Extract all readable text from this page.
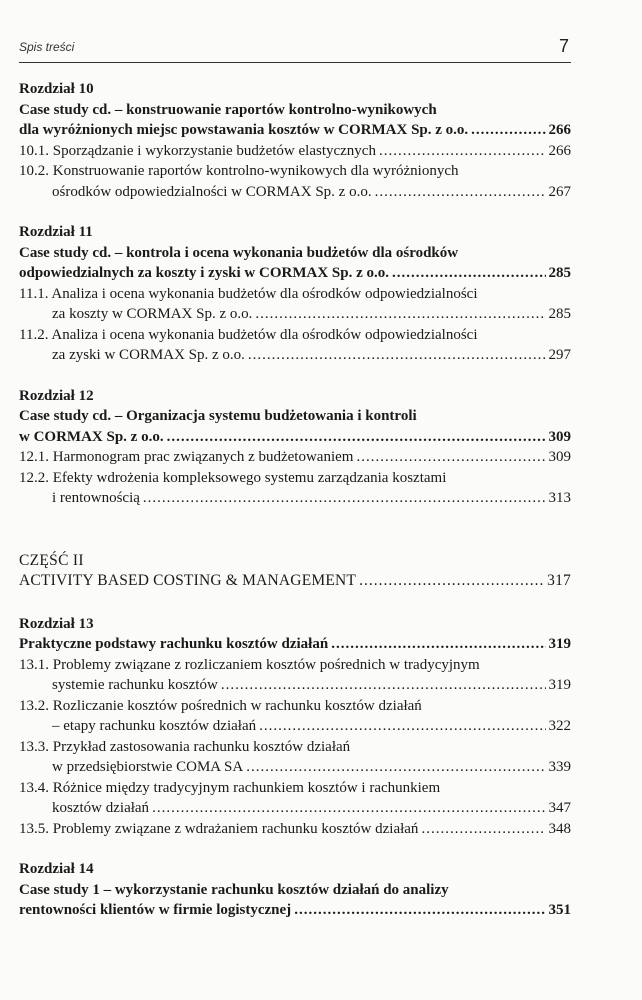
Spis treści	7
Rozdział 10
Case study cd. – konstruowanie raportów kontrolno-wynikowych
dla wyróżnionych miejsc powstawania kosztów w CORMAX Sp. z o.o. .....	266
10.1. Sporządzanie i wykorzystanie budżetów elastycznych .....	266
10.2. Konstruowanie raportów kontrolno-wynikowych dla wyróżnionych
ośrodków odpowiedzialności w CORMAX Sp. z o.o. .....	267
Rozdział 11
Case study cd. – kontrola i ocena wykonania budżetów dla ośrodków
odpowiedzialnych za koszty i zyski w CORMAX Sp. z o.o. .....	285
11.1. Analiza i ocena wykonania budżetów dla ośrodków odpowiedzialności
za koszty w CORMAX Sp. z o.o. .....	285
11.2. Analiza i ocena wykonania budżetów dla ośrodków odpowiedzialności
za zyski w CORMAX Sp. z o.o. .....	297
Rozdział 12
Case study cd. – Organizacja systemu budżetowania i kontroli
w CORMAX Sp. z o.o. .....	309
12.1. Harmonogram prac związanych z budżetowaniem .....	309
12.2. Efekty wdrożenia kompleksowego systemu zarządzania kosztami
i rentownością .....	313
CZĘŚĆ II
ACTIVITY BASED COSTING & MANAGEMENT .....	317
Rozdział 13
Praktyczne podstawy rachunku kosztów działań .....	319
13.1. Problemy związane z rozliczaniem kosztów pośrednich w tradycyjnym
systemie rachunku kosztów .....	319
13.2. Rozliczanie kosztów pośrednich w rachunku kosztów działań
– etapy rachunku kosztów działań .....	322
13.3. Przykład zastosowania rachunku kosztów działań
w przedsiębiorstwie COMA SA .....	339
13.4. Różnice między tradycyjnym rachunkiem kosztów i rachunkiem
kosztów działań .....	347
13.5. Problemy związane z wdrażaniem rachunku kosztów działań .....	348
Rozdział 14
Case study 1 – wykorzystanie rachunku kosztów działań do analizy
rentowności klientów w firmie logistycznej .....	351
